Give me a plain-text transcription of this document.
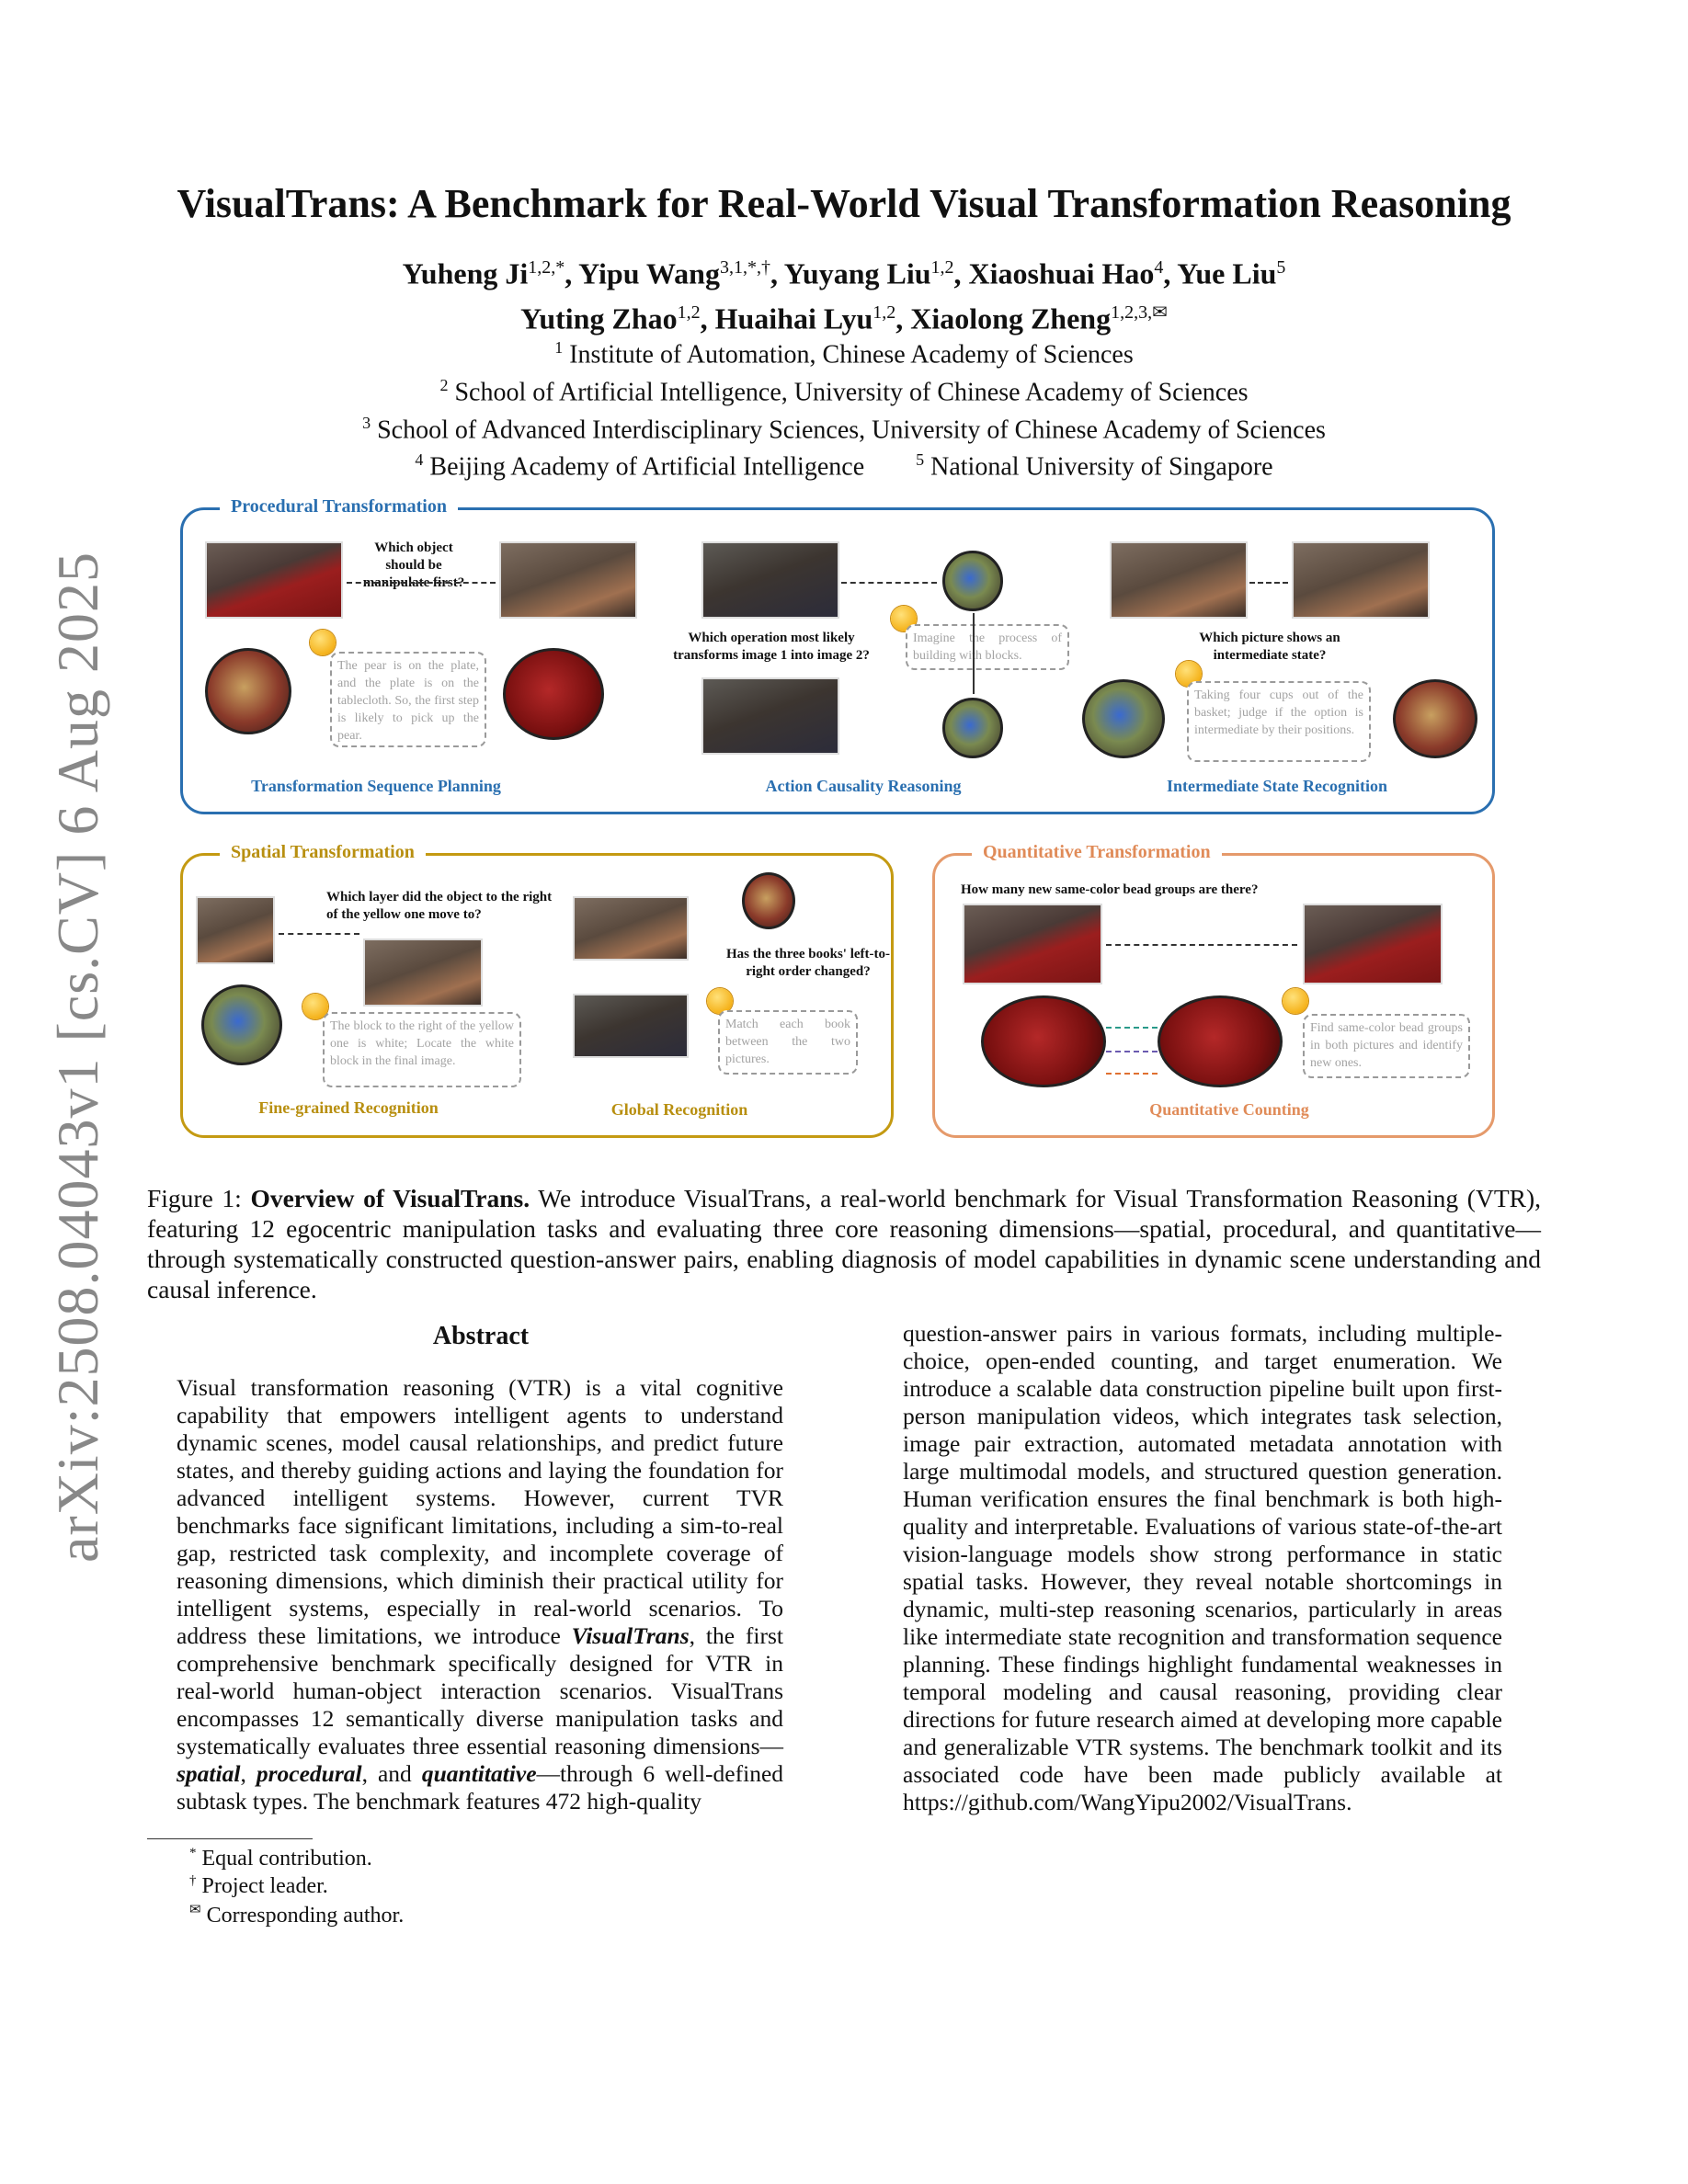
arXiv:2508.04043v1 [cs.CV] 6 Aug 2025
VisualTrans: A Benchmark for Real-World Visual Transformation Reasoning
Yuheng $Ji^{1,2,*}$, Yipu Wang$^{3,1,*,\dagger}$, Yuyang Liu$^{1,2}$, Xiaoshuai Hao$^4$, Yue Liu$^5$
Yuting Zhao$^{1,2}$, Huaihai Lyu$^{1,2}$, Xiaolong Zheng$^{1,2,3,✉}$
$^1$ Institute of Automation, Chinese Academy of Sciences
$^2$ School of Artificial Intelligence, University of Chinese Academy of Sciences
$^3$ School of Advanced Interdisciplinary Sciences, University of Chinese Academy of Sciences
$^4$ Beijing Academy of Artificial Intelligence	$^5$ National University of Singapore
Procedural Transformation
Which object should be manipulate first?
The pear is on the plate, and the plate is on the tablecloth. So, the first step is likely to pick up the pear.
Transformation Sequence Planning
Which operation most likely transforms image 1 into image 2?
Imagine the process of building with blocks.
Action Causality Reasoning
Which picture shows an intermediate state?
Taking four cups out of the basket; judge if the option is intermediate by their positions.
Intermediate State Recognition
Spatial Transformation
Which layer did the object to the right of the yellow one move to?
The block to the right of the yellow one is white; Locate the white block in the final image.
Fine-grained Recognition
Has the three books' left-to-right order changed?
Match each book between the two pictures.
Global Recognition
Quantitative Transformation
How many new same-color bead groups are there?
Find same-color bead groups in both pictures and identify new ones.
Quantitative Counting
Figure 1: Overview of VisualTrans. We introduce VisualTrans, a real-world benchmark for Visual Transformation Reasoning (VTR), featuring 12 egocentric manipulation tasks and evaluating three core reasoning dimensions—spatial, procedural, and quantitative—through systematically constructed question-answer pairs, enabling diagnosis of model capabilities in dynamic scene understanding and causal inference.
Abstract
Visual transformation reasoning (VTR) is a vital cognitive capability that empowers intelligent agents to understand dynamic scenes, model causal relationships, and predict future states, and thereby guiding actions and laying the foundation for advanced intelligent systems. However, current TVR benchmarks face significant limitations, including a sim-to-real gap, restricted task complexity, and incomplete coverage of reasoning dimensions, which diminish their practical utility for intelligent systems, especially in real-world scenarios. To address these limitations, we introduce VisualTrans, the first comprehensive benchmark specifically designed for VTR in real-world human-object interaction scenarios. VisualTrans encompasses 12 semantically diverse manipulation tasks and systematically evaluates three essential reasoning dimensions—spatial, procedural, and quantitative—through 6 well-defined subtask types. The benchmark features 472 high-quality
* Equal contribution.
† Project leader.
✉ Corresponding author.
question-answer pairs in various formats, including multiple-choice, open-ended counting, and target enumeration. We introduce a scalable data construction pipeline built upon first-person manipulation videos, which integrates task selection, image pair extraction, automated metadata annotation with large multimodal models, and structured question generation. Human verification ensures the final benchmark is both high-quality and interpretable. Evaluations of various state-of-the-art vision-language models show strong performance in static spatial tasks. However, they reveal notable shortcomings in dynamic, multi-step reasoning scenarios, particularly in areas like intermediate state recognition and transformation sequence planning. These findings highlight fundamental weaknesses in temporal modeling and causal reasoning, providing clear directions for future research aimed at developing more capable and generalizable VTR systems. The benchmark toolkit and its associated code have been made publicly available at https://github.com/WangYipu2002/VisualTrans.
